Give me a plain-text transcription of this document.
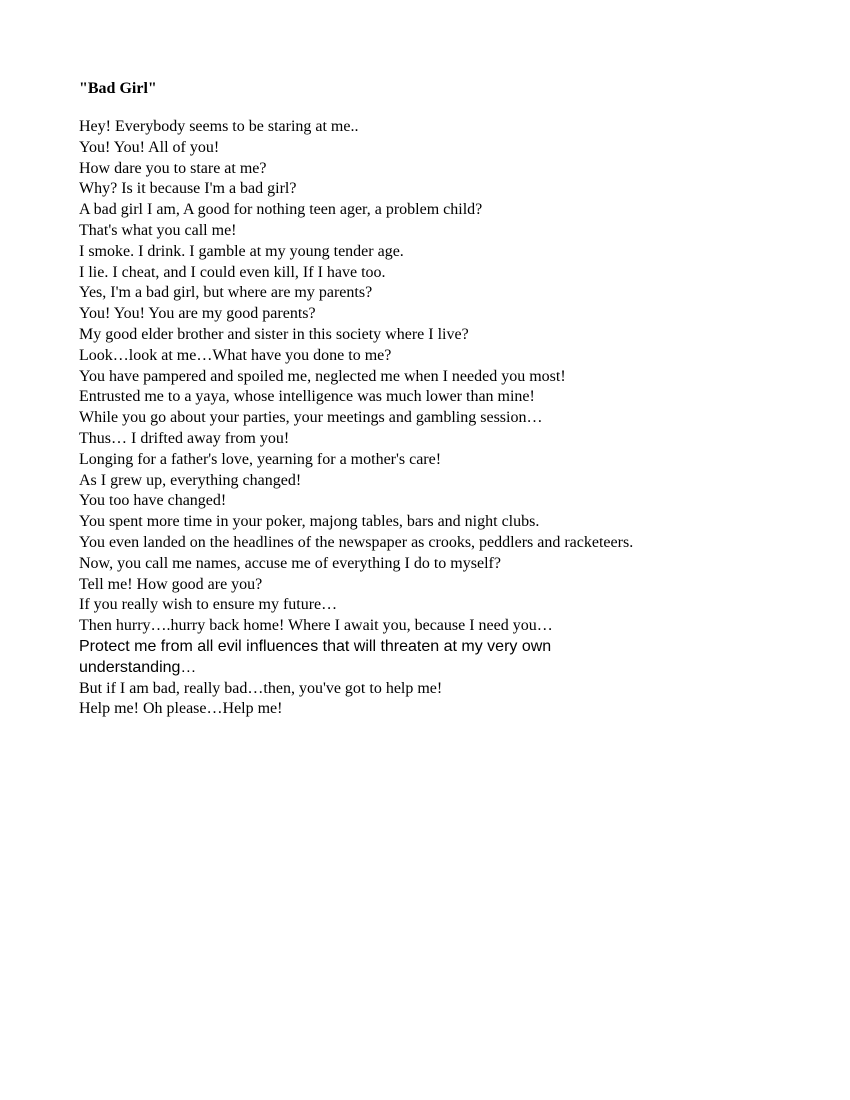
"Bad Girl"
Hey! Everybody seems to be staring at me..
You! You! All of you!
How dare you to stare at me?
Why? Is it because I'm a bad girl?
A bad girl I am, A good for nothing teen ager, a problem child?
That's what you call me!
I smoke. I drink. I gamble at my young tender age.
I lie. I cheat, and I could even kill, If I have too.
Yes, I'm a bad girl, but where are my parents?
You! You! You are my good parents?
My good elder brother and sister in this society where I live?
Look…look at me…What have you done to me?
You have pampered and spoiled me, neglected me when I needed you most!
Entrusted me to a yaya, whose intelligence was much lower than mine!
While you go about your parties, your meetings and gambling session…
Thus… I drifted away from you!
Longing for a father's love, yearning for a mother's care!
As I grew up, everything changed!
You too have changed!
You spent more time in your poker, majong tables, bars and night clubs.
You even landed on the headlines of the newspaper as crooks, peddlers and racketeers.
Now, you call me names, accuse me of everything I do to myself?
Tell me! How good are you?
If you really wish to ensure my future…
Then hurry….hurry back home! Where I await you, because I need you…
Protect me from all evil influences that will threaten at my very own understanding…
But if I am bad, really bad…then, you've got to help me!
Help me! Oh please…Help me!
